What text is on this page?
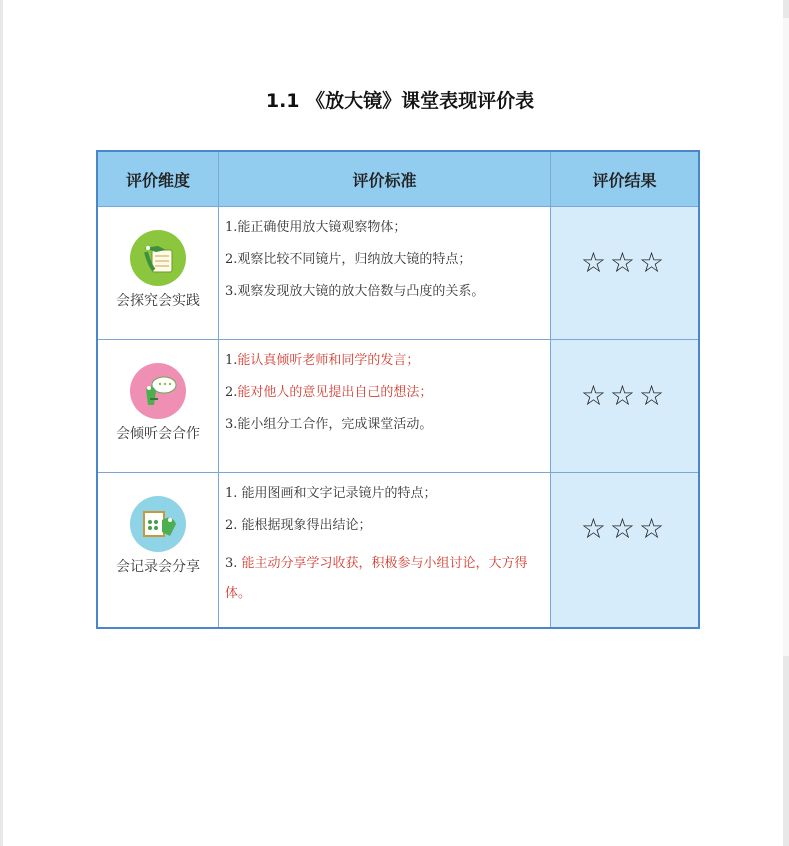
1.1 《放大镜》课堂表现评价表
评价维度	评价标准	评价结果

会探究会实践	1.能正确使用放大镜观察物体；
2.观察比较不同镜片，归纳放大镜的特点；
3.观察发现放大镜的放大倍数与凸度的关系。	☆☆☆

会倾听会合作	1.能认真倾听老师和同学的发言；
2.能对他人的意见提出自己的想法；
3.能小组分工合作，完成课堂活动。	☆☆☆

会记录会分享	1. 能用图画和文字记录镜片的特点；
2. 能根据现象得出结论；
3. 能主动分享学习收获，积极参与小组讨论，大方得体。	☆☆☆
